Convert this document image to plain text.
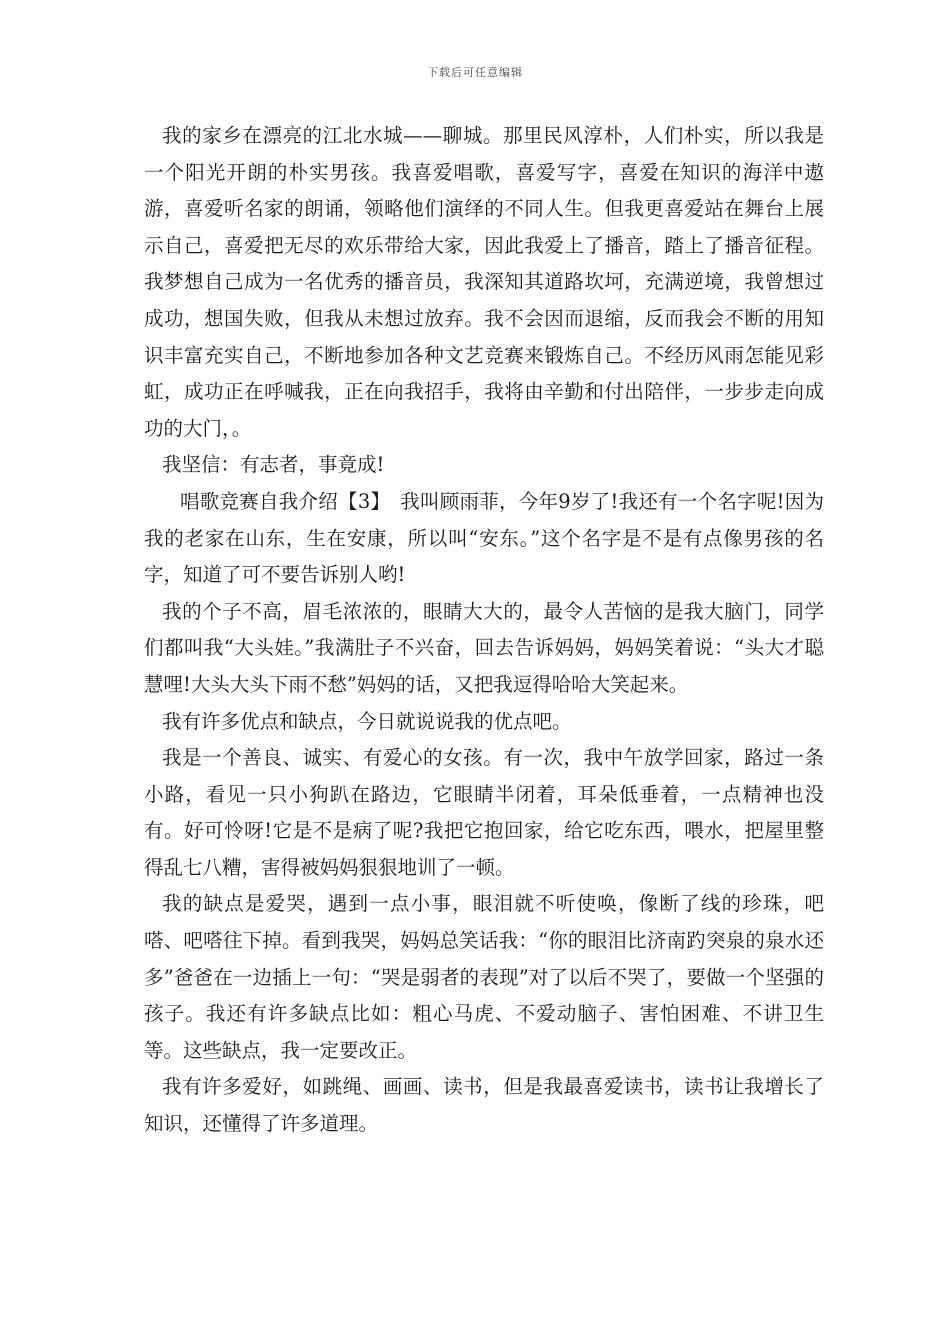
下载后可任意编辑

我的家乡在漂亮的江北水城——聊城。那里民风淳朴，人们朴实，所以我是一个阳光开朗的朴实男孩。我喜爱唱歌，喜爱写字，喜爱在知识的海洋中遨游，喜爱听名家的朗诵，领略他们演绎的不同人生。但我更喜爱站在舞台上展示自己，喜爱把无尽的欢乐带给大家，因此我爱上了播音，踏上了播音征程。我梦想自己成为一名优秀的播音员，我深知其道路坎坷，充满逆境，我曾想过成功，想国失败，但我从未想过放弃。我不会因而退缩，反而我会不断的用知识丰富充实自己，不断地参加各种文艺竞赛来锻炼自己。不经历风雨怎能见彩虹，成功正在呼喊我，正在向我招手，我将由辛勤和付出陪伴，一步步走向成功的大门，。

我坚信：有志者，事竟成!

唱歌竞赛自我介绍【3】　我叫顾雨菲，今年9岁了!我还有一个名字呢!因为我的老家在山东，生在安康，所以叫“安东。”这个名字是不是有点像男孩的名字，知道了可不要告诉别人哟!

我的个子不高，眉毛浓浓的，眼睛大大的，最令人苦恼的是我大脑门，同学们都叫我“大头娃。”我满肚子不兴奋，回去告诉妈妈，妈妈笑着说：“头大才聪慧哩!大头大头下雨不愁”妈妈的话，又把我逗得哈哈大笑起来。

我有许多优点和缺点，今日就说说我的优点吧。

我是一个善良、诚实、有爱心的女孩。有一次，我中午放学回家，路过一条小路，看见一只小狗趴在路边，它眼睛半闭着，耳朵低垂着，一点精神也没有。好可怜呀!它是不是病了呢?我把它抱回家，给它吃东西，喂水，把屋里整得乱七八糟，害得被妈妈狠狠地训了一顿。

我的缺点是爱哭，遇到一点小事，眼泪就不听使唤，像断了线的珍珠，吧嗒、吧嗒往下掉。看到我哭，妈妈总笑话我：“你的眼泪比济南趵突泉的泉水还多”爸爸在一边插上一句：“哭是弱者的表现”对了以后不哭了，要做一个坚强的孩子。我还有许多缺点比如：粗心马虎、不爱动脑子、害怕困难、不讲卫生等。这些缺点，我一定要改正。

我有许多爱好，如跳绳、画画、读书，但是我最喜爱读书，读书让我增长了知识，还懂得了许多道理。
